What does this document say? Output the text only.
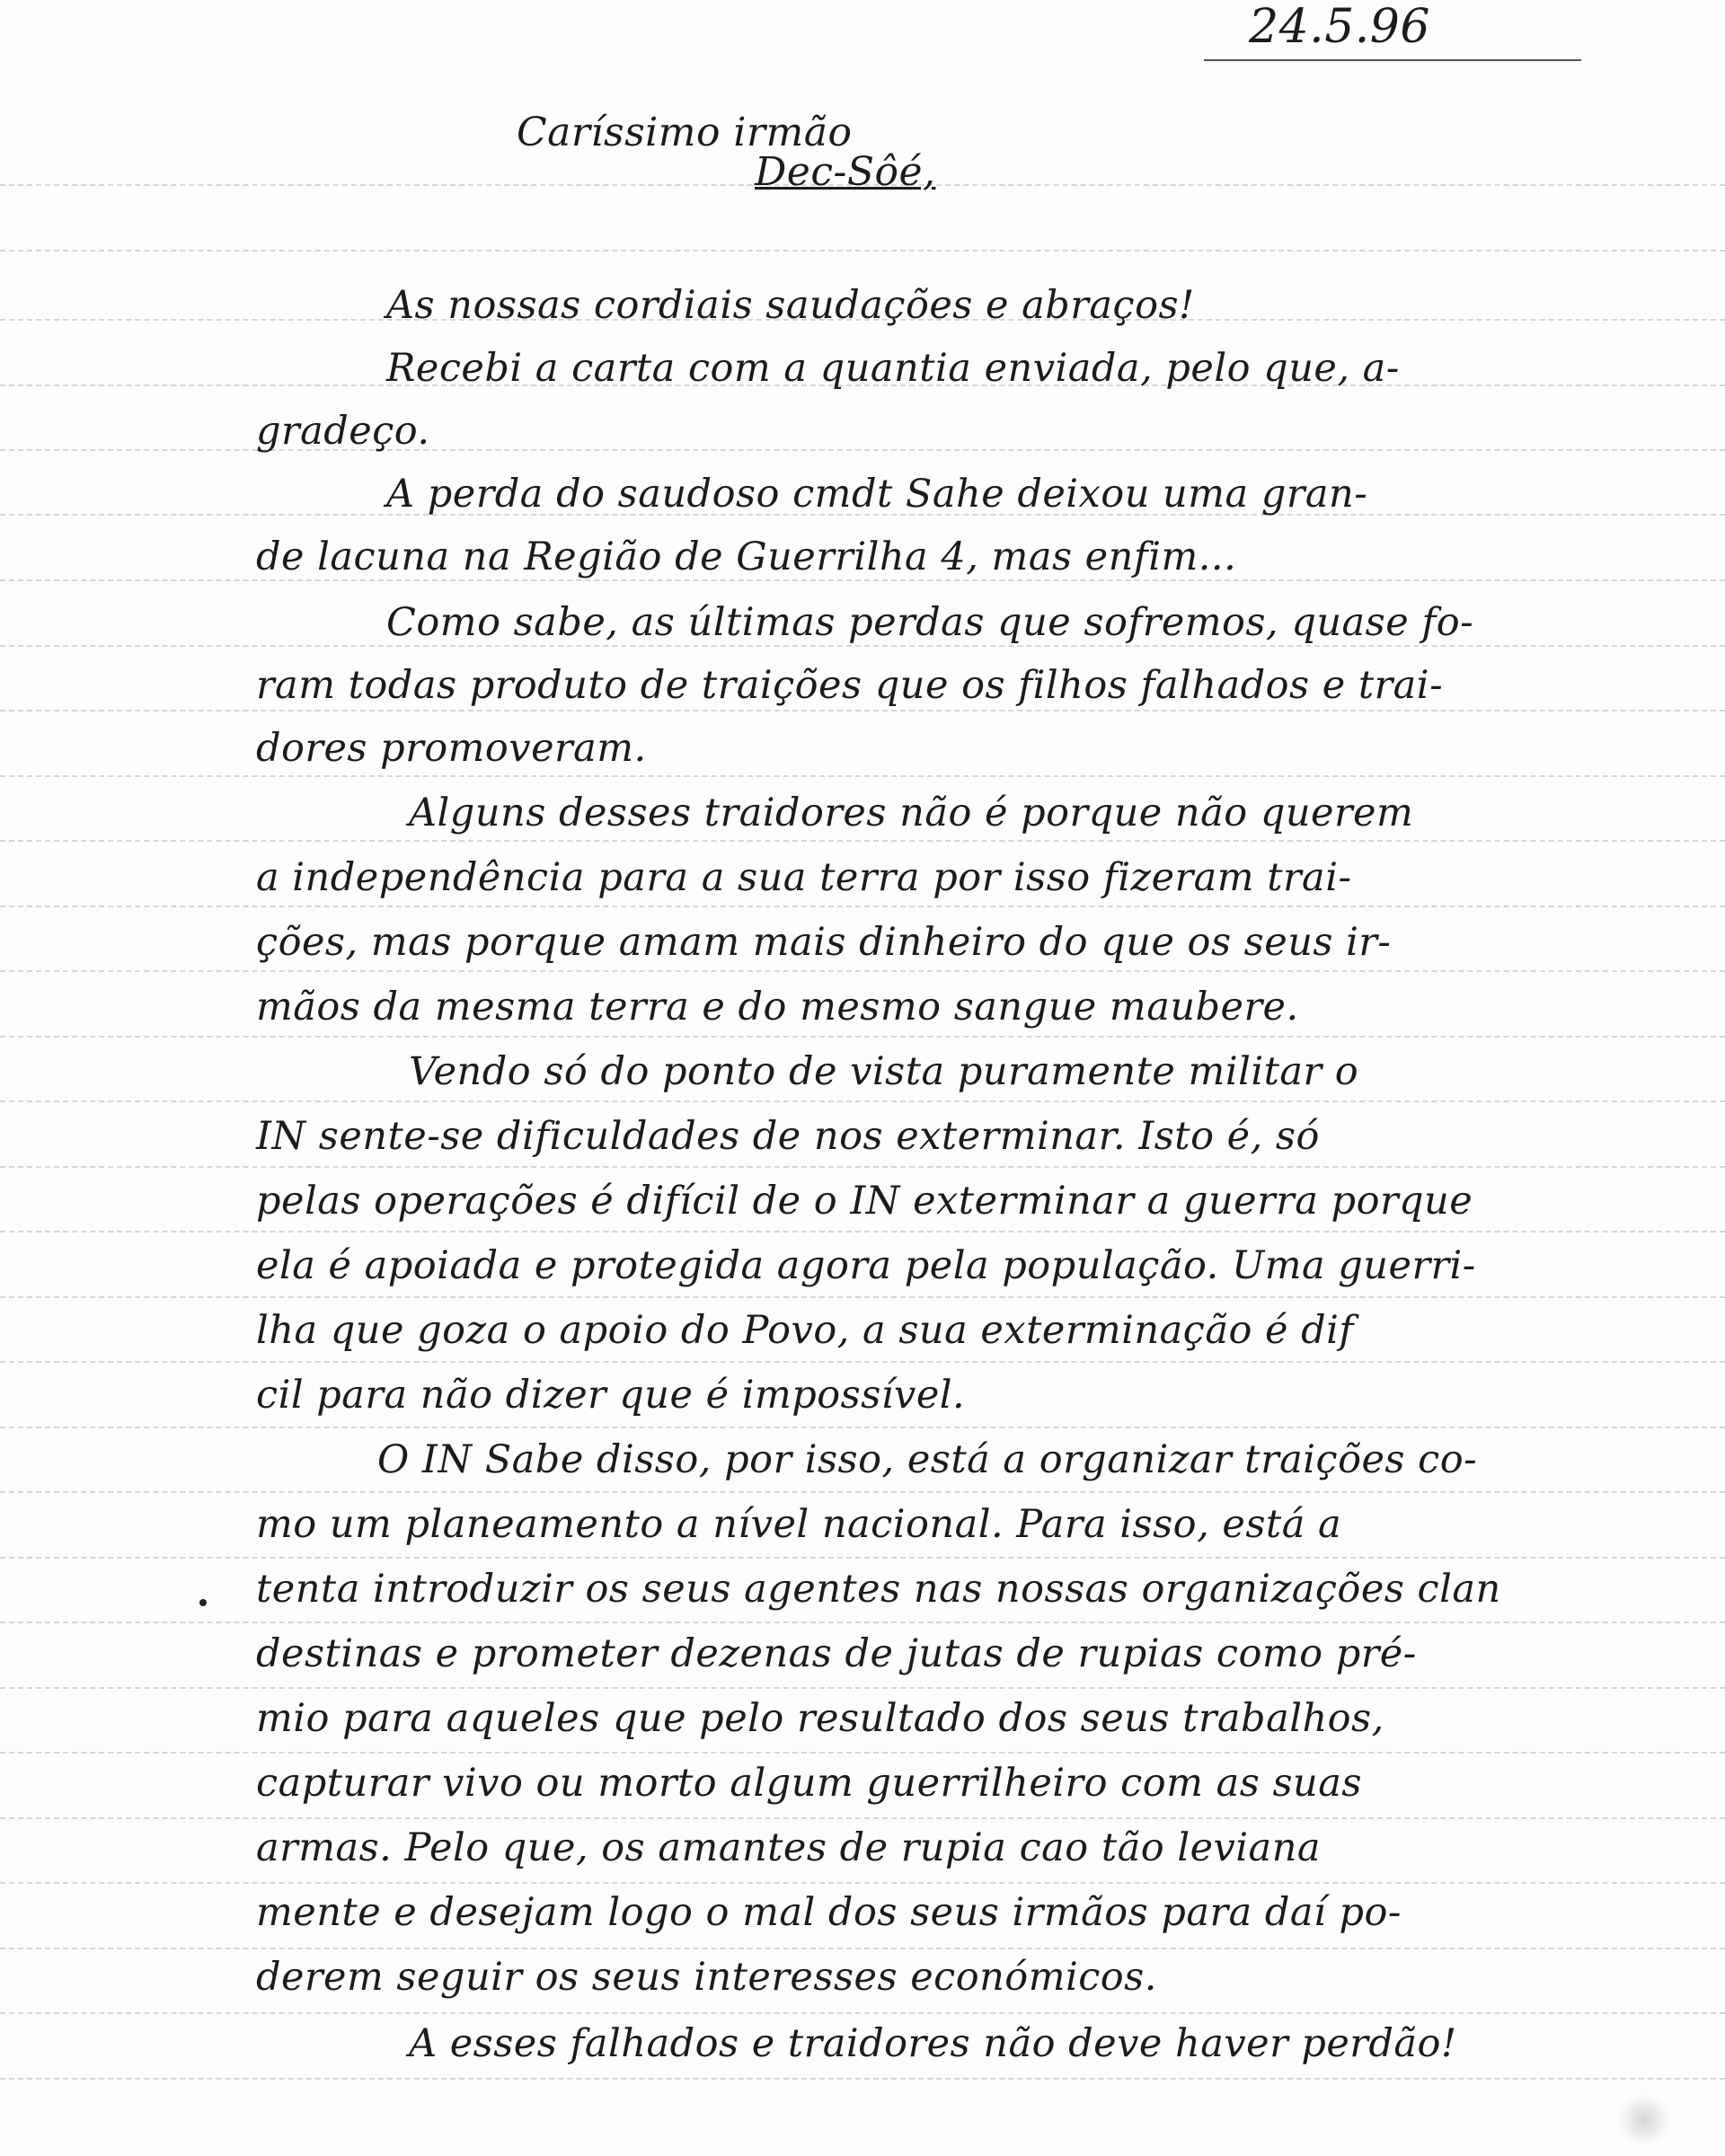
24.5.96
Caríssimo irmão
Dec-Sôé,
As nossas cordiais saudações e abraços!
Recebi a carta com a quantia enviada, pelo que, a-
gradeço.
A perda do saudoso cmdt Sahe deixou uma gran-
de lacuna na Região de Guerrilha 4, mas enfim...
Como sabe, as últimas perdas que sofremos, quase fo-
ram todas produto de traições que os filhos falhados e trai-
dores promoveram.
Alguns desses traidores não é porque não querem
a independência para a sua terra por isso fizeram trai-
ções, mas porque amam mais dinheiro do que os seus ir-
mãos da mesma terra e do mesmo sangue maubere.
Vendo só do ponto de vista puramente militar o
IN sente-se dificuldades de nos exterminar. Isto é, só
pelas operações é difícil de o IN exterminar a guerra porque
ela é apoiada e protegida agora pela população. Uma guerri-
lha que goza o apoio do Povo, a sua exterminação é dif
cil para não dizer que é impossível.
O IN Sabe disso, por isso, está a organizar traições co-
mo um planeamento a nível nacional. Para isso, está a
tenta introduzir os seus agentes nas nossas organizações clan
destinas e prometer dezenas de jutas de rupias como pré-
mio para aqueles que pelo resultado dos seus trabalhos,
capturar vivo ou morto algum guerrilheiro com as suas
armas. Pelo que, os amantes de rupia cao tão leviana
mente e desejam logo o mal dos seus irmãos para daí po-
derem seguir os seus interesses económicos.
A esses falhados e traidores não deve haver perdão!
